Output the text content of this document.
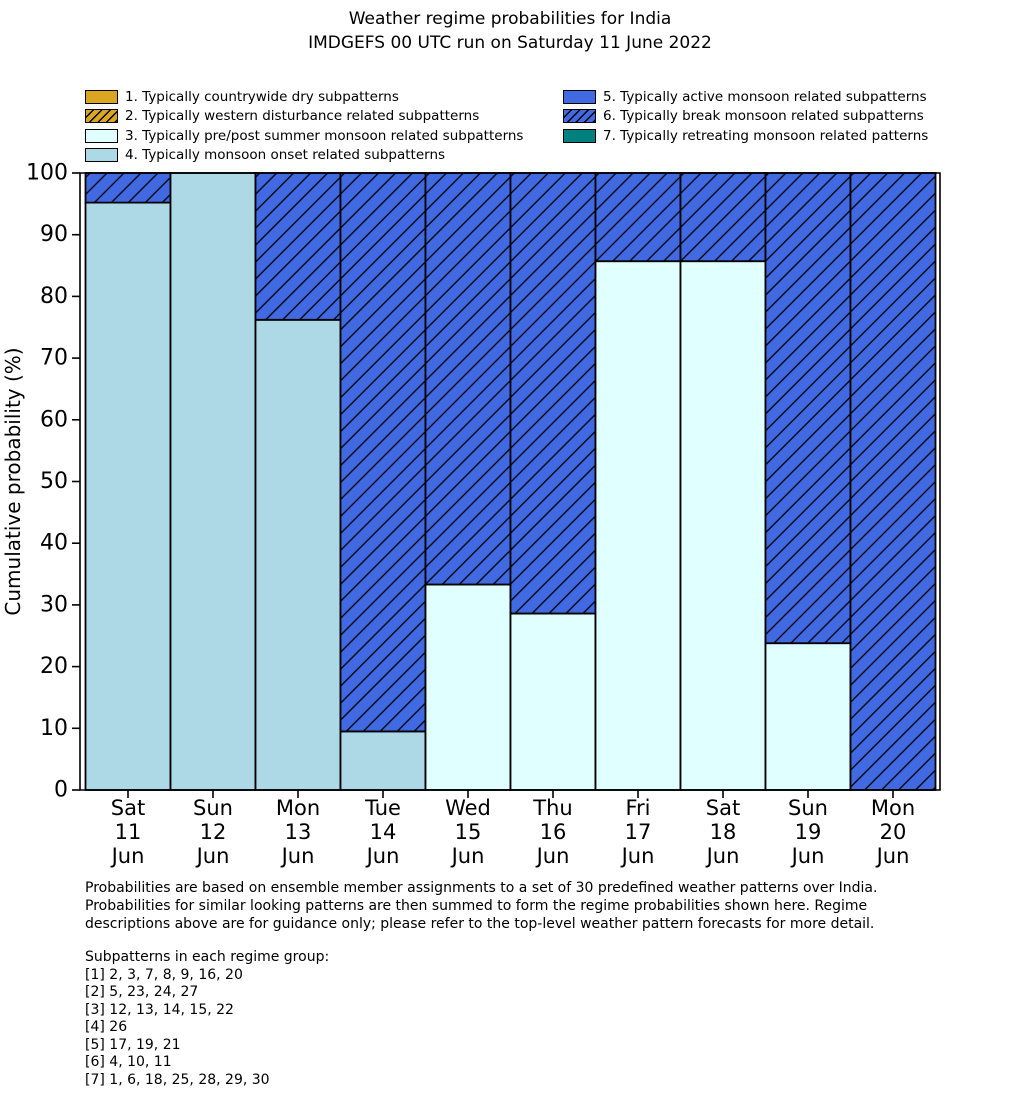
0
10
20
30
40
50
60
70
80
90
100
Cumulative probability (%)
Sat
11
Jun
Sun
12
Jun
Mon
13
Jun
Tue
14
Jun
Wed
15
Jun
Thu
16
Jun
Fri
17
Jun
Sat
18
Jun
Sun
19
Jun
Mon
20
Jun
Weather regime probabilities for India
IMDGEFS 00 UTC run on Saturday 11 June 2022
1. Typically countrywide dry subpatterns
2. Typically western disturbance related subpatterns
3. Typically pre/post summer monsoon related subpatterns
4. Typically monsoon onset related subpatterns
5. Typically active monsoon related subpatterns
6. Typically break monsoon related subpatterns
7. Typically retreating monsoon related patterns
Probabilities are based on ensemble member assignments to a set of 30 predefined weather patterns over India.
Probabilities for similar looking patterns are then summed to form the regime probabilities shown here. Regime
descriptions above are for guidance only; please refer to the top-level weather pattern forecasts for more detail.
Subpatterns in each regime group:
[1] 2, 3, 7, 8, 9, 16, 20
[2] 5, 23, 24, 27
[3] 12, 13, 14, 15, 22
[4] 26
[5] 17, 19, 21
[6] 4, 10, 11
[7] 1, 6, 18, 25, 28, 29, 30
